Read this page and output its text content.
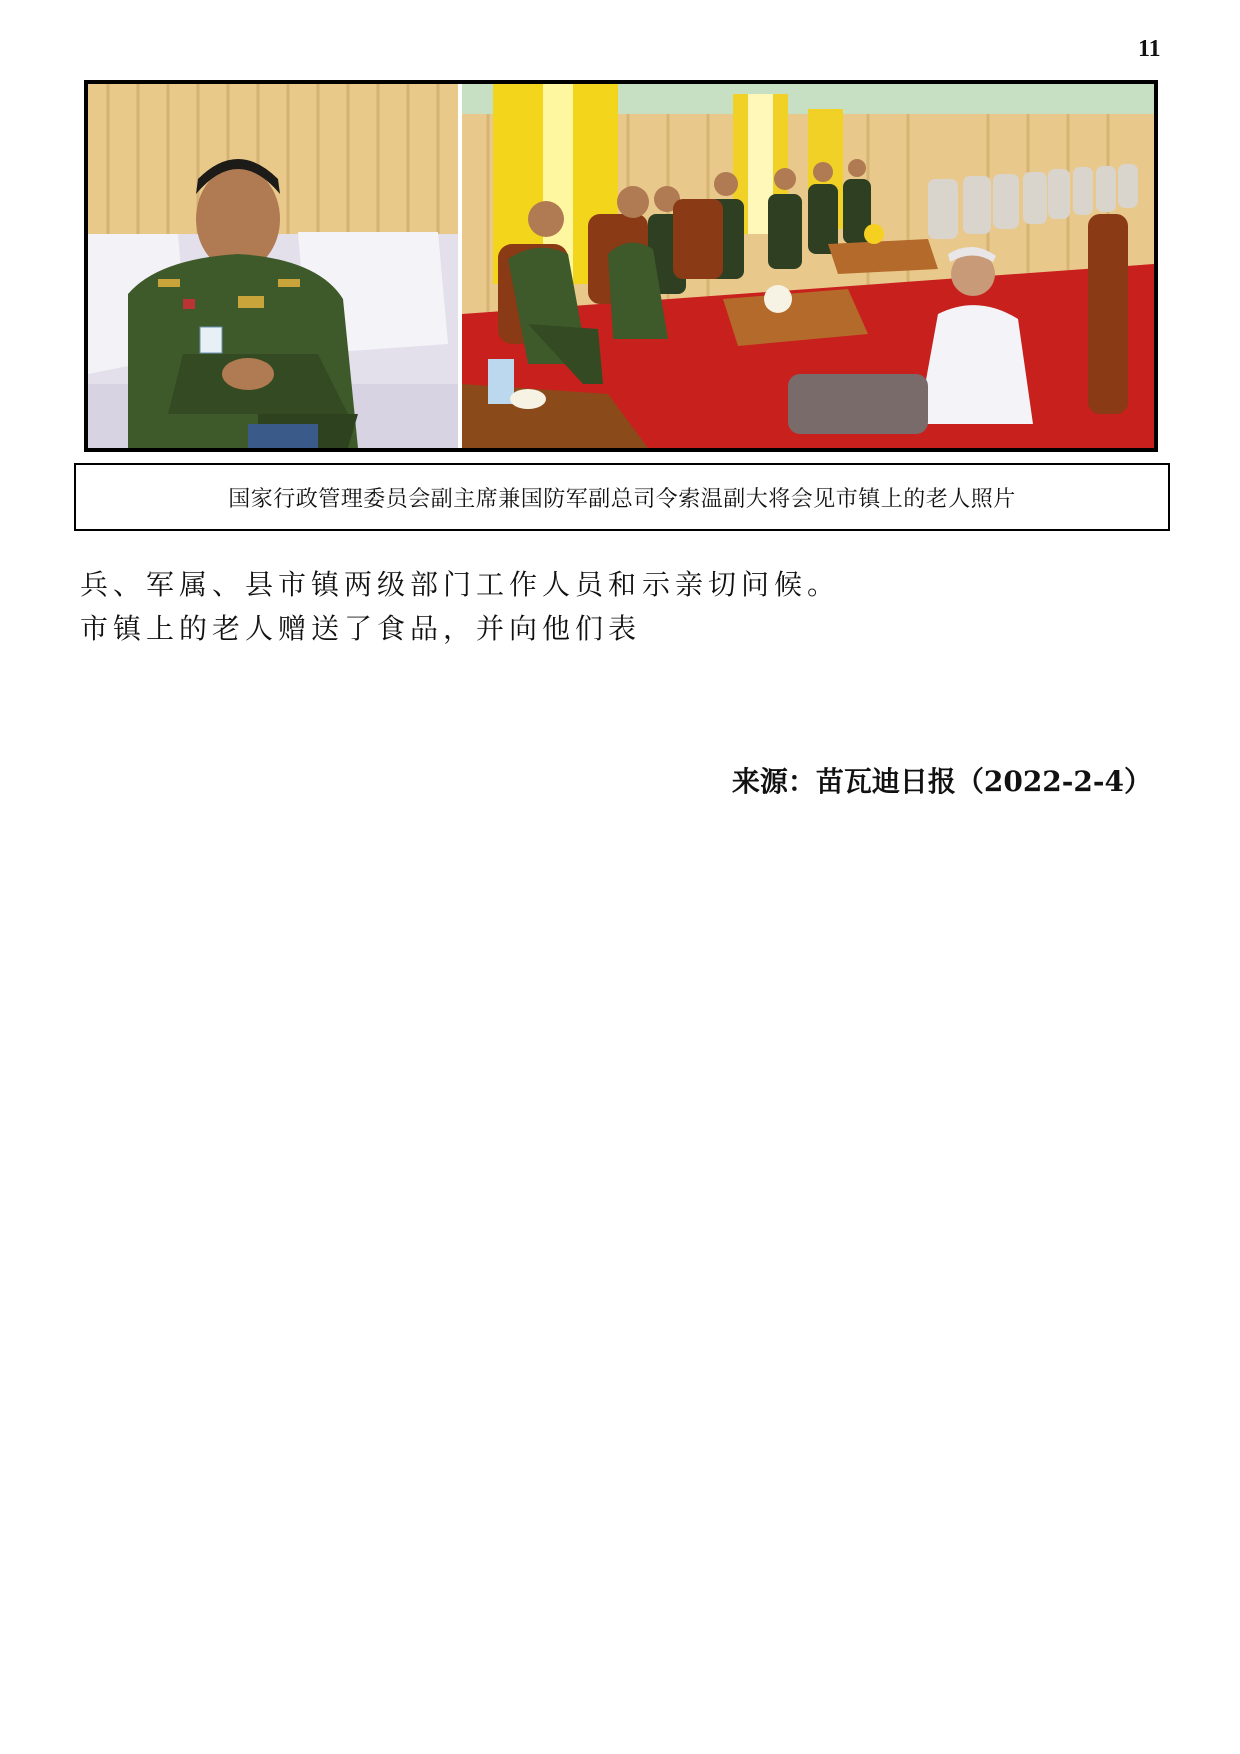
11
国家行政管理委员会副主席兼国防军副总司令索温副大将会见市镇上的老人照片
兵、军属、县市镇两级部门工作人员和
市镇上的老人赠送了食品，并向他们表
示亲切问候。
来源：苗瓦迪日报（2022-2-4）
